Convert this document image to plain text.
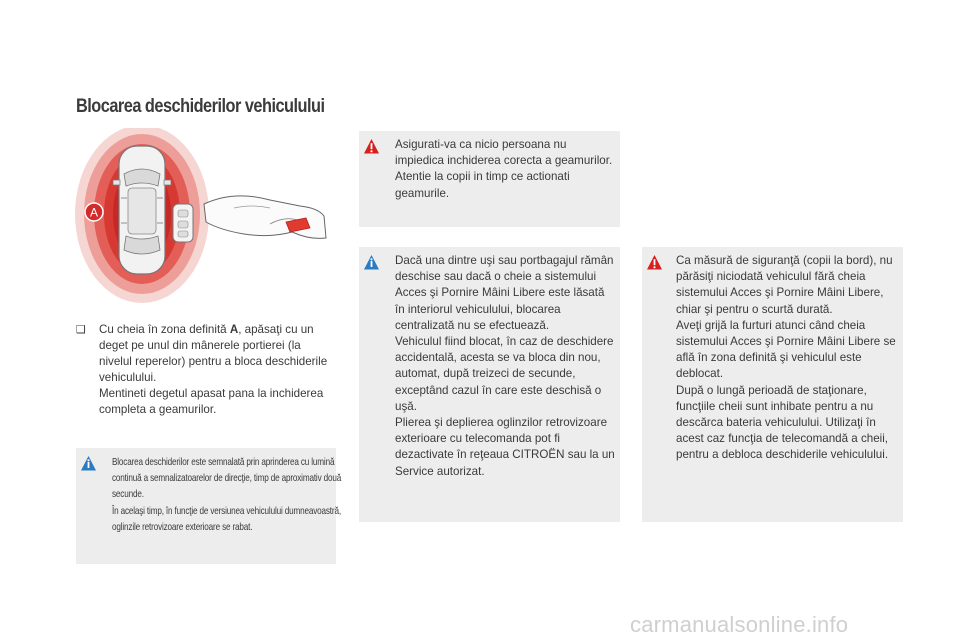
Blocarea deschiderilor vehiculului
A
❑ Cu cheia în zona definită A, apăsaţi cu un deget pe unul din mânerele portierei (la nivelul reperelor) pentru a bloca deschiderile vehiculului.
Mentineti degetul apasat pana la inchiderea completa a geamurilor.
Blocarea deschiderilor este semnalată prin aprinderea cu lumină continuă a semnalizatoarelor de direcţie, timp de aproximativ două secunde.
În acelaşi timp, în funcţie de versiunea vehiculului dumneavoastră, oglinzile retrovizoare exterioare se rabat.
Asigurati-va ca nicio persoana nu impiedica inchiderea corecta a geamurilor.
Atentie la copii in timp ce actionati geamurile.
Dacă una dintre uşi sau portbagajul rămân deschise sau dacă o cheie a sistemului Acces şi Pornire Mâini Libere este lăsată în interiorul vehiculului, blocarea centralizată nu se efectuează.
Vehiculul fiind blocat, în caz de deschidere accidentală, acesta se va bloca din nou, automat, după treizeci de secunde, exceptând cazul în care este deschisă o uşă.
Plierea şi deplierea oglinzilor retrovizoare exterioare cu telecomanda pot fi dezactivate în reţeaua CITROËN sau la un Service autorizat.
Ca măsură de siguranţă (copii la bord), nu părăsiţi niciodată vehiculul fără cheia sistemului Acces şi Pornire Mâini Libere, chiar şi pentru o scurtă durată.
Aveţi grijă la furturi atunci când cheia sistemului Acces şi Pornire Mâini Libere se află în zona definită şi vehiculul este deblocat.
După o lungă perioadă de staţionare, funcţiile cheii sunt inhibate pentru a nu descărca bateria vehiculului. Utilizaţi în acest caz funcţia de telecomandă a cheii, pentru a debloca deschiderile vehiculului.
carmanualsonline.info
